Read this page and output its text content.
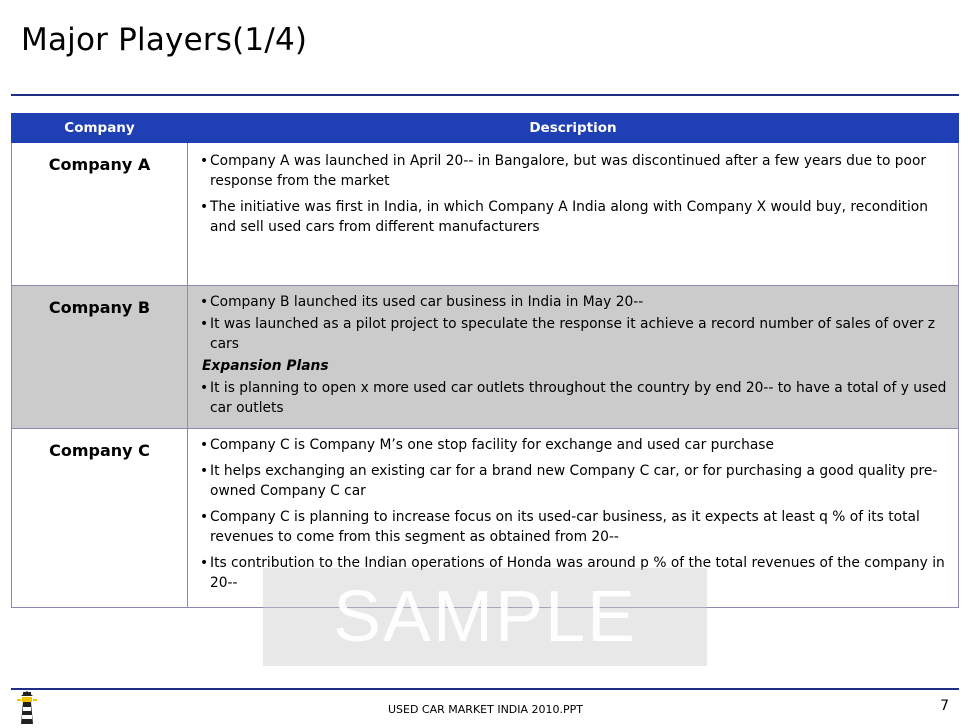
Major Players(1/4)
Company	Description

Company A	• Company A was launched in April 20-- in Bangalore, but was discontinued after a few years due to poor response from the market
• The initiative was first in India, in which Company A India along with Company X would buy, recondition and sell used cars from different manufacturers

Company B	• Company B launched its used car business in India in May 20--
• It was launched as a pilot project to speculate the response it achieve a record number of sales of over z cars
Expansion Plans
• It is planning to open x more used car outlets throughout the country by end 20-- to have a total of y used car outlets

Company C	• Company C is Company M’s one stop facility for exchange and used car purchase
• It helps exchanging an existing car for a brand new Company C car, or for purchasing a good quality pre-owned Company C car
• Company C is planning to increase focus on its used-car business, as it expects at least q % of its total revenues to come from this segment as obtained from 20--
• Its contribution to the Indian operations of Honda was around p % of the total revenues of the company in 20--	SAMPLE
USED CAR MARKET INDIA 2010.PPT	7
